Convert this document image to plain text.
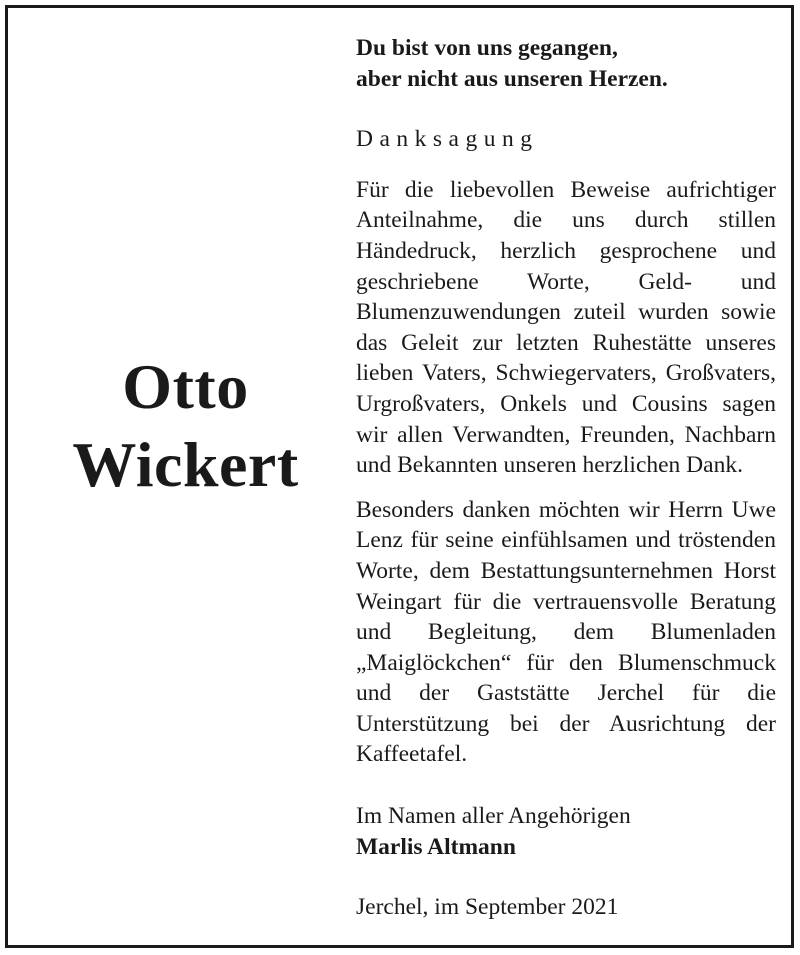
Otto
Wickert
Du bist von uns gegangen,
aber nicht aus unseren Herzen.
Danksagung

Für die liebevollen Beweise aufrichtiger Anteilnahme, die uns durch stillen Händedruck, herzlich gesprochene und geschriebene Worte, Geld- und Blumenzuwendungen zuteil wurden sowie das Geleit zur letzten Ruhestätte unseres lieben Vaters, Schwiegervaters, Großvaters, Urgroßvaters, Onkels und Cousins sagen wir allen Verwandten, Freunden, Nachbarn und Bekannten unseren herzlichen Dank.

Besonders danken möchten wir Herrn Uwe Lenz für seine einfühlsamen und tröstenden Worte, dem Bestattungsunternehmen Horst Weingart für die vertrauensvolle Beratung und Begleitung, dem Blumenladen „Maiglöckchen“ für den Blumenschmuck und der Gaststätte Jerchel für die Unterstützung bei der Ausrichtung der Kaffeetafel.

Im Namen aller Angehörigen
Marlis Altmann
Jerchel, im September 2021
